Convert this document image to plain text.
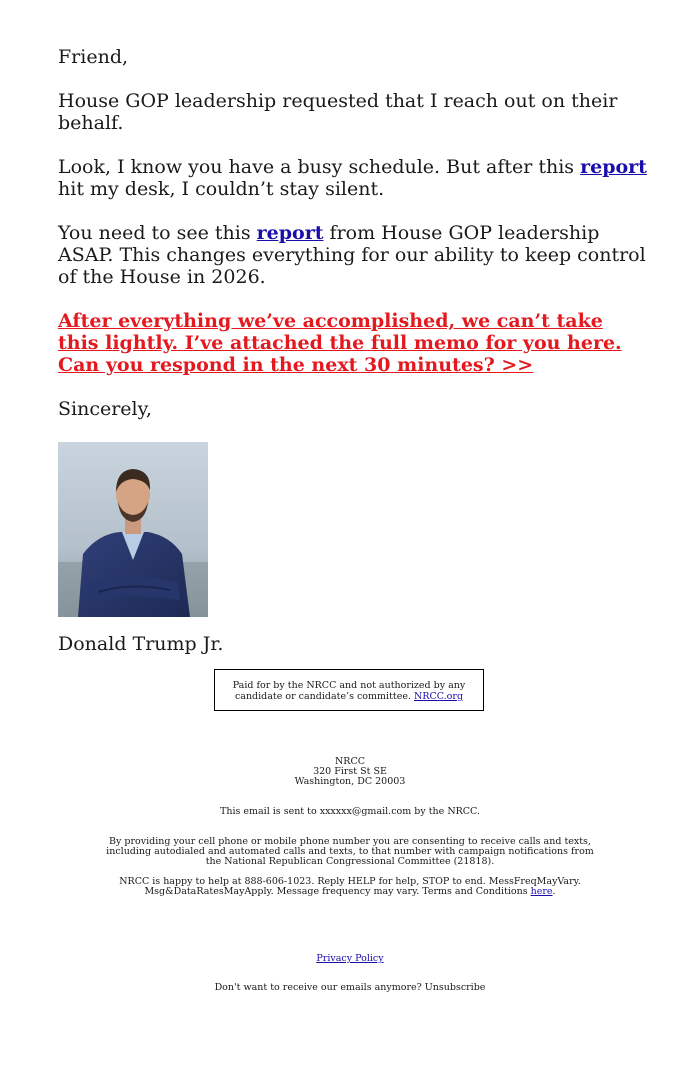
Friend,

House GOP leadership requested that I reach out on their behalf.

Look, I know you have a busy schedule. But after this report hit my desk, I couldn’t stay silent.

You need to see this report from House GOP leadership ASAP. This changes everything for our ability to keep control of the House in 2026.

After everything we’ve accomplished, we can’t take this lightly. I’ve attached the full memo for you here. Can you respond in the next 30 minutes? >>

Sincerely,

Donald Trump Jr.

Paid for by the NRCC and not authorized by any candidate or candidate’s committee. NRCC.org
NRCC
320 First St SE
Washington, DC 20003
This email is sent to xxxxxx@gmail.com by the NRCC.
By providing your cell phone or mobile phone number you are consenting to receive calls and texts, including autodialed and automated calls and texts, to that number with campaign notifications from the National Republican Congressional Committee (21818).
NRCC is happy to help at 888-606-1023. Reply HELP for help, STOP to end. MessFreqMayVary. Msg&DataRatesMayApply. Message frequency may vary. Terms and Conditions here.
Privacy Policy
Don't want to receive our emails anymore? Unsubscribe
